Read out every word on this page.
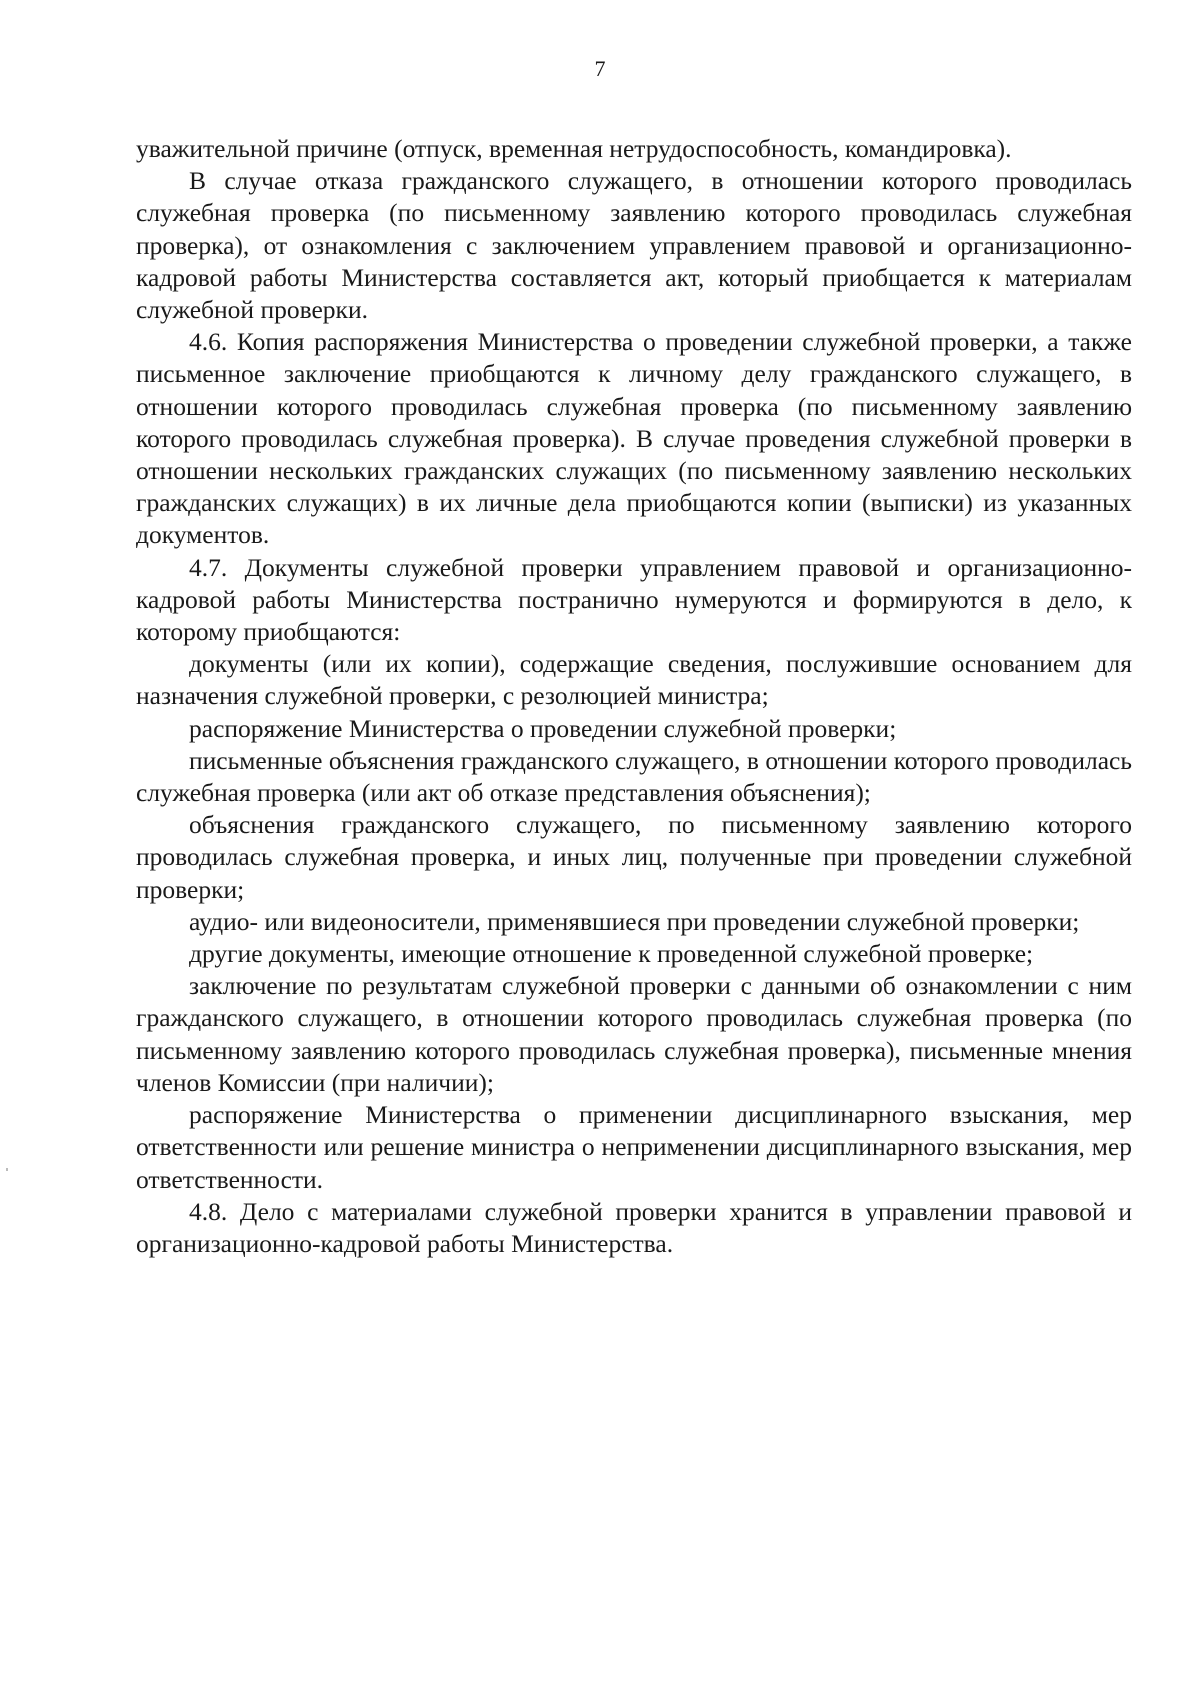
7

уважительной причине (отпуск, временная нетрудоспособность, командировка).

В случае отказа гражданского служащего, в отношении которого проводилась служебная проверка (по письменному заявлению которого проводилась служебная проверка), от ознакомления с заключением управлением правовой и организационно-кадровой работы Министерства составляется акт, который приобщается к материалам служебной проверки.

4.6. Копия распоряжения Министерства о проведении служебной проверки, а также письменное заключение приобщаются к личному делу гражданского служащего, в отношении которого проводилась служебная проверка (по письменному заявлению которого проводилась служебная проверка). В случае проведения служебной проверки в отношении нескольких гражданских служащих (по письменному заявлению нескольких гражданских служащих) в их личные дела приобщаются копии (выписки) из указанных документов.

4.7. Документы служебной проверки управлением правовой и организационно-кадровой работы Министерства постранично нумеруются и формируются в дело, к которому приобщаются:

документы (или их копии), содержащие сведения, послужившие основанием для назначения служебной проверки, с резолюцией министра;

распоряжение Министерства о проведении служебной проверки;

письменные объяснения гражданского служащего, в отношении которого проводилась служебная проверка (или акт об отказе представления объяснения);

объяснения гражданского служащего, по письменному заявлению которого проводилась служебная проверка, и иных лиц, полученные при проведении служебной проверки;

аудио- или видеоносители, применявшиеся при проведении служебной проверки;

другие документы, имеющие отношение к проведенной служебной проверке;

заключение по результатам служебной проверки с данными об ознакомлении с ним гражданского служащего, в отношении которого проводилась служебная проверка (по письменному заявлению которого проводилась служебная проверка), письменные мнения членов Комиссии (при наличии);

распоряжение Министерства о применении дисциплинарного взыскания, мер ответственности или решение министра о неприменении дисциплинарного взыскания, мер ответственности.

4.8. Дело с материалами служебной проверки хранится в управлении правовой и организационно-кадровой работы Министерства.
